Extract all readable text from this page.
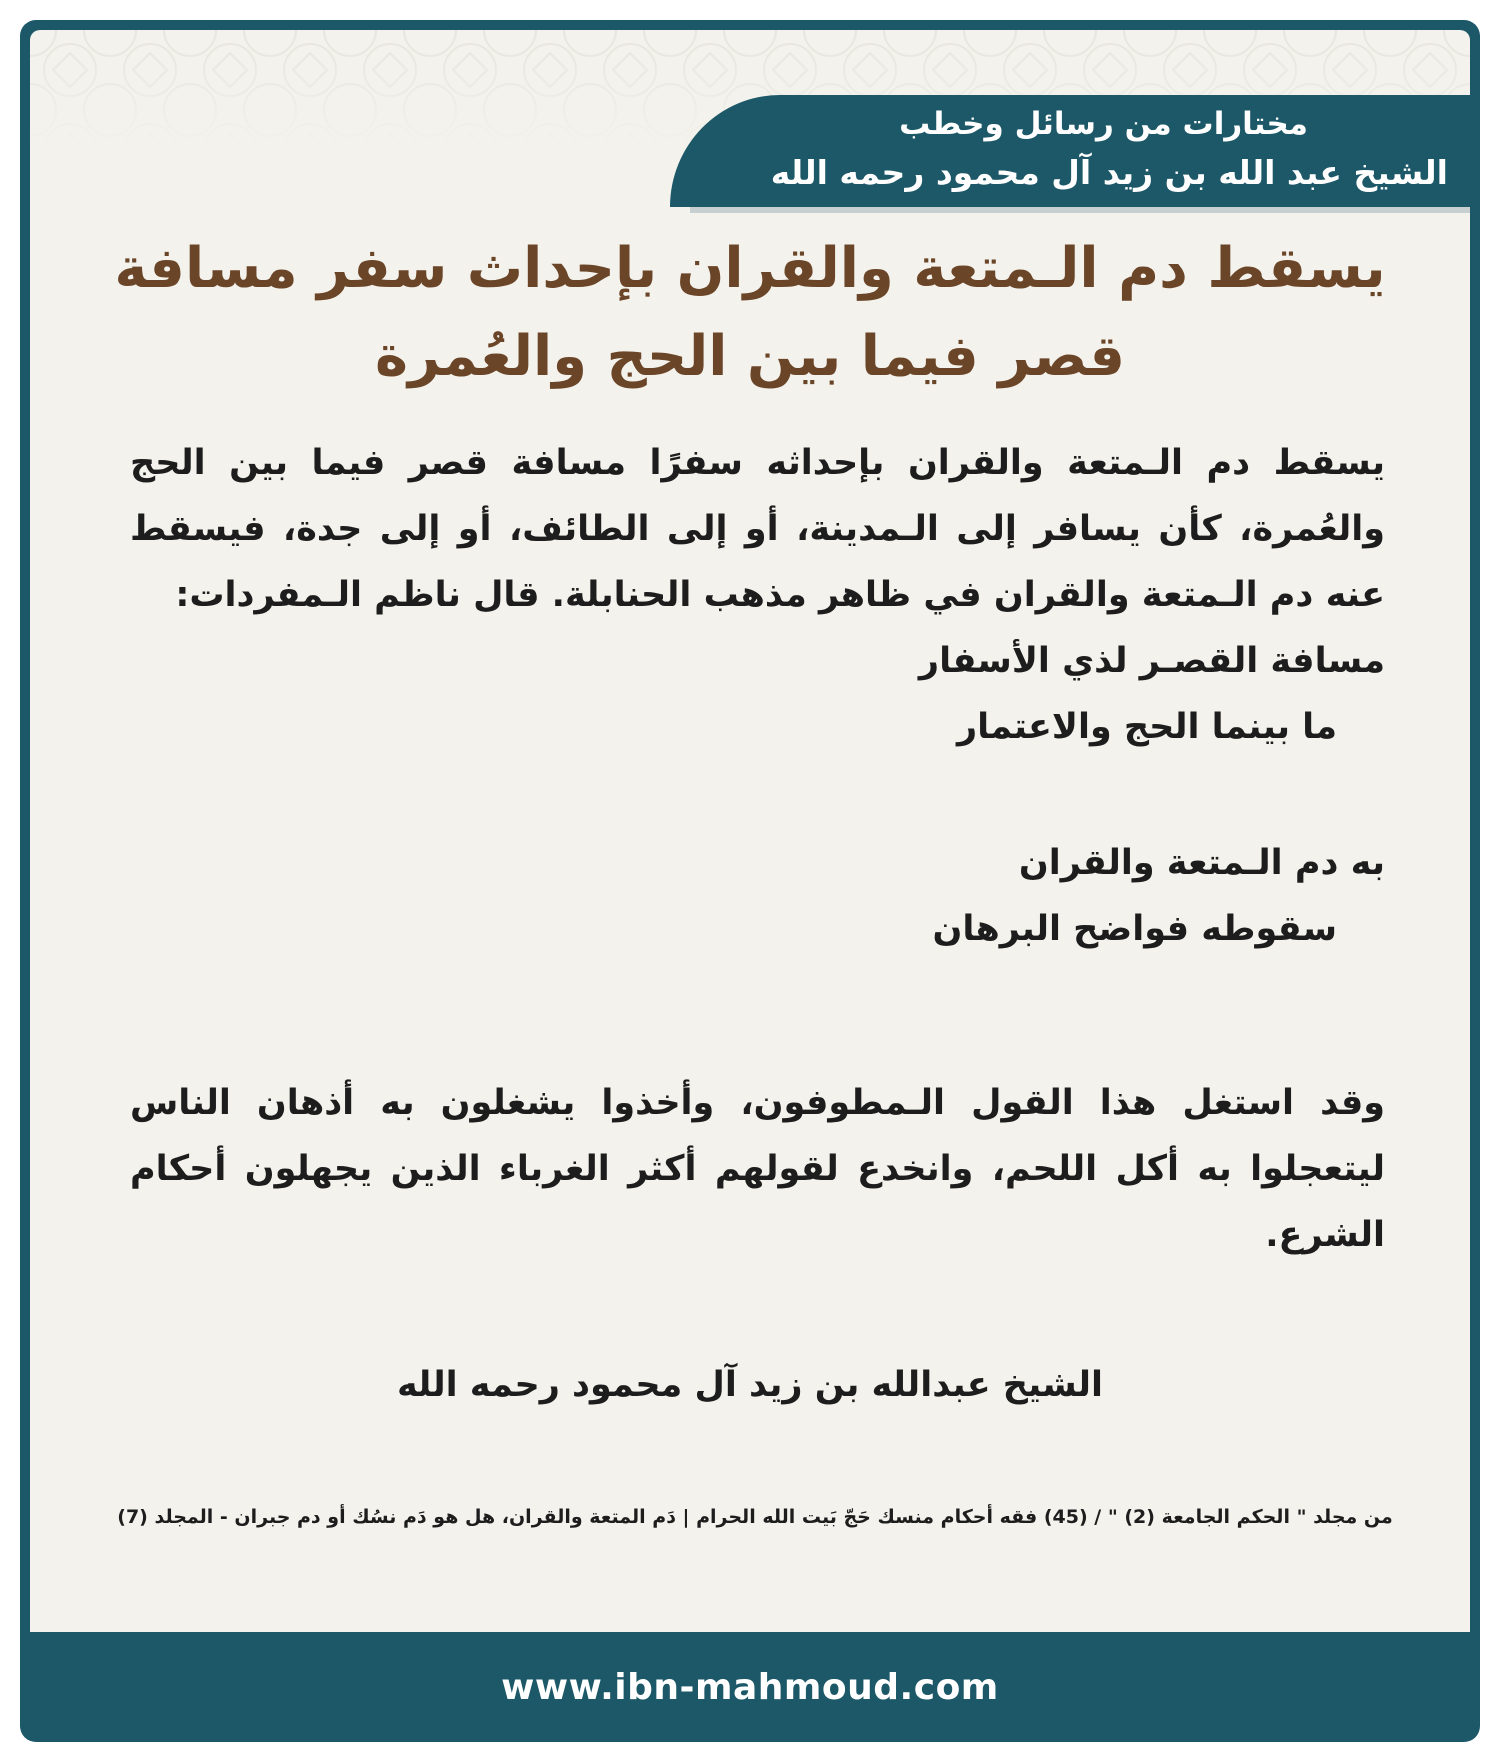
مختارات من رسائل وخطب
الشيخ عبد الله بن زيد آل محمود رحمه الله
يسقط دم الـمتعة والقران بإحداث سفر مسافة
قصر فيما بين الحج والعُمرة
يسقط دم الـمتعة والقران بإحداثه سفرًا مسافة قصر فيما بين الحج والعُمرة، كأن يسافر إلى الـمدينة، أو إلى الطائف، أو إلى جدة، فيسقط عنه دم الـمتعة والقران في ظاهر مذهب الحنابلة. قال ناظم الـمفردات:
مسافة القصـر لذي الأسفار
ما بينما الحج والاعتمار
به دم الـمتعة والقران
سقوطه فواضح البرهان
وقد استغل هذا القول الـمطوفون، وأخذوا يشغلون به أذهان الناس ليتعجلوا به أكل اللحم، وانخدع لقولهم أكثر الغرباء الذين يجهلون أحكام الشرع.
الشيخ عبدالله بن زيد آل محمود رحمه الله
من مجلد " الحكم الجامعة (2) " / (45) فقه أحكام منسك حَجّ بَيت الله الحرام | دَم المتعة والقران، هل هو دَم نسُك أو دم جبران - المجلد (7)
www.ibn-mahmoud.com
